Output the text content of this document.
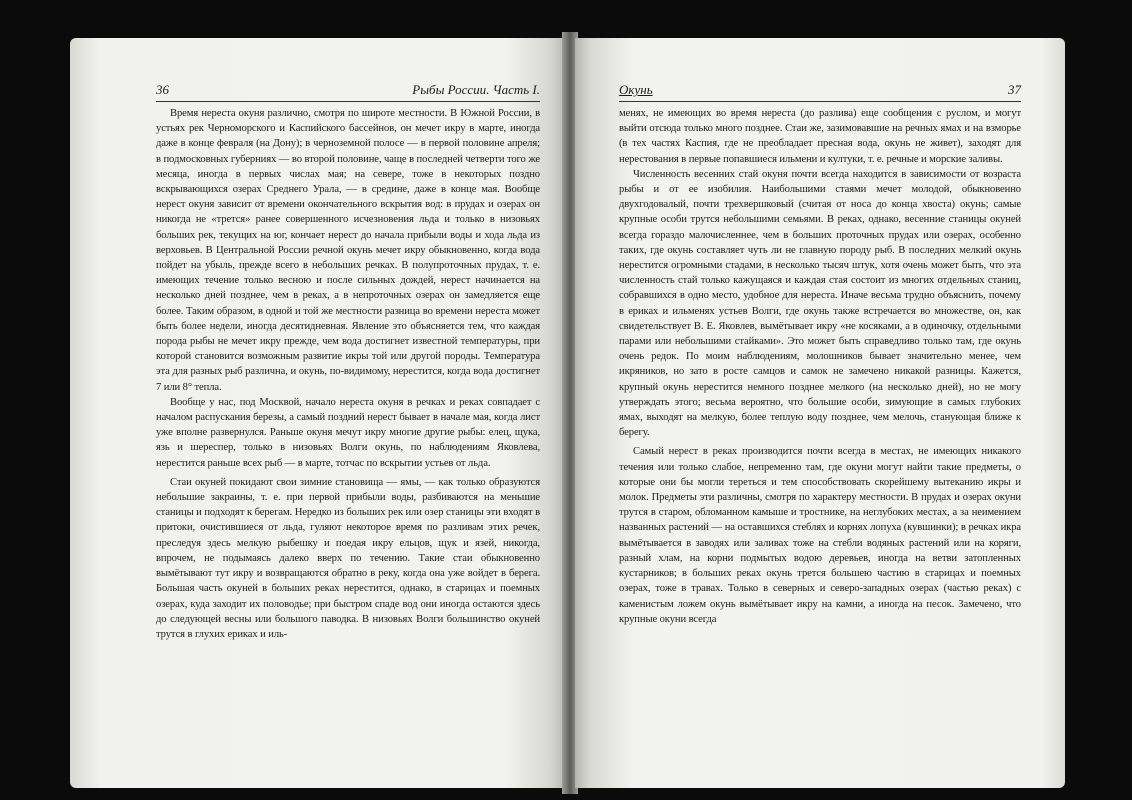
36	Рыбы России. Часть I.

Время нереста окуня различно, смотря по широте местности. В Южной России, в устьях рек Черноморского и Каспийского бассейнов, он мечет икру в марте, иногда даже в конце февраля (на Дону); в черноземной полосе — в первой половине апреля; в подмосковных губерниях — во второй половине, чаще в последней четверти того же месяца, иногда в первых числах мая; на севере, тоже в некоторых поздно вскрывающихся озерах Среднего Урала, — в средине, даже в конце мая. Вообще нерест окуня зависит от времени окончательного вскрытия вод: в прудах и озерах он никогда не «трется» ранее совершенного исчезновения льда и только в низовьях больших рек, текущих на юг, кончает нерест до начала прибыли воды и хода льда из верховьев. В Центральной России речной окунь мечет икру обыкновенно, когда вода пойдет на убыль, прежде всего в небольших речках. В полупроточных прудах, т. е. имеющих течение только весною и после сильных дождей, нерест начинается на несколько дней позднее, чем в реках, а в непроточных озерах он замедляется еще более. Таким образом, в одной и той же местности разница во времени нереста может быть более недели, иногда десятидневная. Явление это объясняется тем, что каждая порода рыбы не мечет икру прежде, чем вода достигнет известной температуры, при которой становится возможным развитие икры той или другой породы. Температура эта для разных рыб различна, и окунь, по-видимому, нерестится, когда вода достигнет 7 или 8° тепла.

Вообще у нас, под Москвой, начало нереста окуня в речках и реках совпадает с началом распускания березы, а самый поздний нерест бывает в начале мая, когда лист уже вполне развернулся. Раньше окуня мечут икру многие другие рыбы: елец, щука, язь и шереспер, только в низовьях Волги окунь, по наблюдениям Яковлева, нерестится раньше всех рыб — в марте, тотчас по вскрытии устьев от льда.

Стаи окуней покидают свои зимние становища — ямы, — как только образуются небольшие закраины, т. е. при первой прибыли воды, разбиваются на меньшие станицы и подходят к берегам. Нередко из больших рек или озер станицы эти входят в притоки, очистившиеся от льда, гуляют некоторое время по разливам этих речек, преследуя здесь мелкую рыбешку и поедая икру ельцов, щук и язей, никогда, впрочем, не подымаясь далеко вверх по течению. Такие стаи обыкновенно вымётывают тут икру и возвращаются обратно в реку, когда она уже войдет в берега. Большая часть окуней в больших реках нерестится, однако, в старицах и поемных озерах, куда заходит их половодье; при быстром спаде вод они иногда остаются здесь до следующей весны или большого паводка. В низовьях Волги большинство окуней трутся в глухих ериках и иль-

Окунь	37

менях, не имеющих во время нереста (до разлива) еще сообщения с руслом, и могут выйти отсюда только много позднее. Стаи же, зазимовавшие на речных ямах и на взморье (в тех частях Каспия, где не преобладает пресная вода, окунь не живет), заходят для нерестования в первые попавшиеся ильмени и култуки, т. е. речные и морские заливы.

Численность весенних стай окуня почти всегда находится в зависимости от возраста рыбы и от ее изобилия. Наибольшими стаями мечет молодой, обыкновенно двухгодовалый, почти трехвершковый (считая от носа до конца хвоста) окунь; самые крупные особи трутся небольшими семьями. В реках, однако, весенние станицы окуней всегда гораздо малочисленнее, чем в больших проточных прудах или озерах, особенно таких, где окунь составляет чуть ли не главную породу рыб. В последних мелкий окунь нерестится огромными стадами, в несколько тысяч штук, хотя очень может быть, что эта численность стай только кажущаяся и каждая стая состоит из многих отдельных станиц, собравшихся в одно место, удобное для нереста. Иначе весьма трудно объяснить, почему в ериках и ильменях устьев Волги, где окунь также встречается во множестве, он, как свидетельствует В. Е. Яковлев, вымётывает икру «не косяками, а в одиночку, отдельными парами или небольшими стайками». Это может быть справедливо только там, где окунь очень редок. По моим наблюдениям, молошников бывает значительно менее, чем икряников, но зато в росте самцов и самок не замечено никакой разницы. Кажется, крупный окунь нерестится немного позднее мелкого (на несколько дней), но не могу утверждать этого; весьма вероятно, что большие особи, зимующие в самых глубоких ямах, выходят на мелкую, более теплую воду позднее, чем мелочь, станующая ближе к берегу.

Самый нерест в реках производится почти всегда в местах, не имеющих никакого течения или только слабое, непременно там, где окуни могут найти такие предметы, о которые они бы могли тереться и тем способствовать скорейшему вытеканию икры и молок. Предметы эти различны, смотря по характеру местности. В прудах и озерах окуни трутся в старом, обломанном камыше и тростнике, на неглубоких местах, а за неимением названных растений — на оставшихся стеблях и корнях лопуха (кувшинки); в речках икра вымётывается в заводях или заливах тоже на стебли водяных растений или на коряги, разный хлам, на корни подмытых водою деревьев, иногда на ветви затопленных кустарников; в больших реках окунь трется большею частию в старицах и поемных озерах, тоже в травах. Только в северных и северо-западных озерах (частью реках) с каменистым ложем окунь вымётывает икру на камни, а иногда на песок. Замечено, что крупные окуни всегда
